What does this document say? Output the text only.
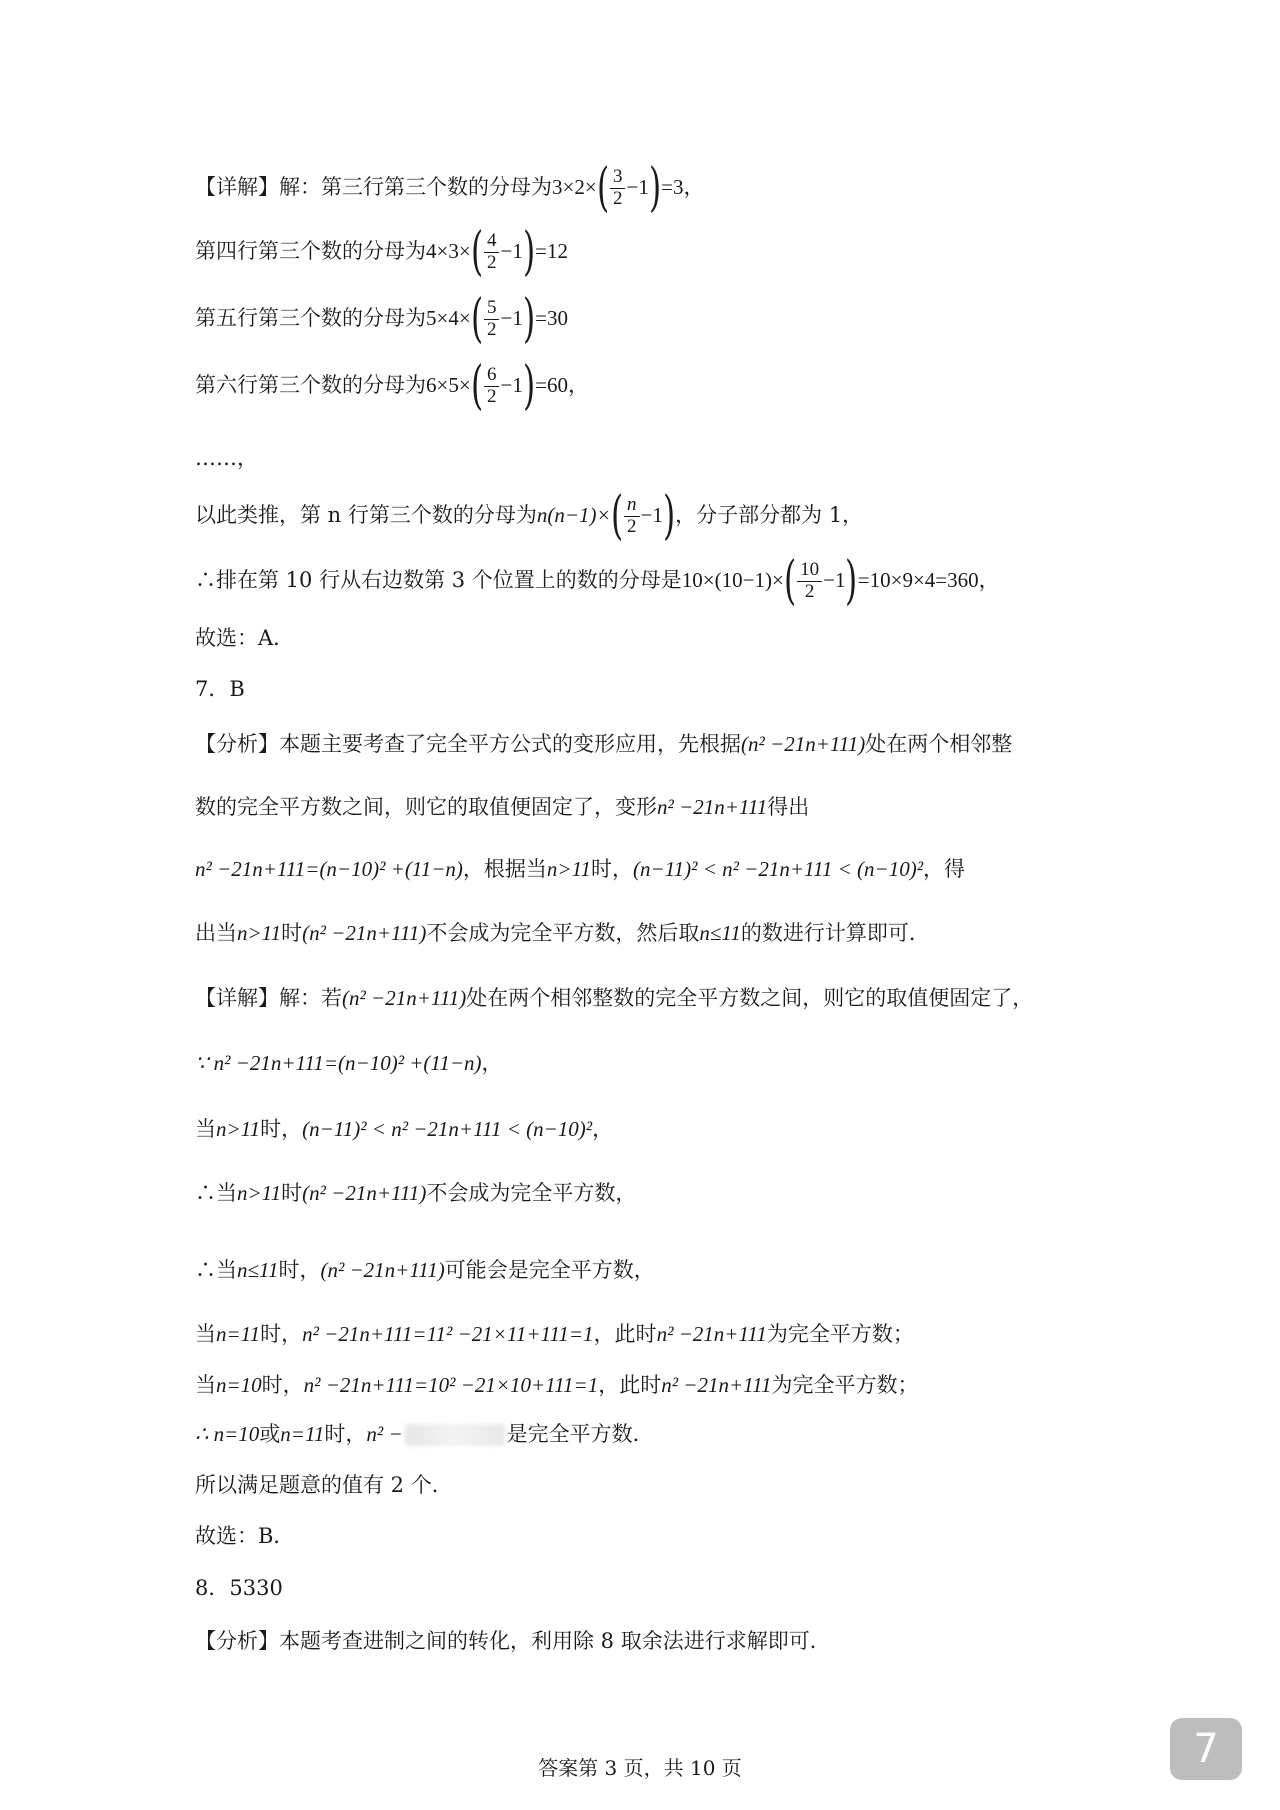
【详解】解：第三行第三个数的分母为 3×2× ( $\frac{3}{2} -1$ ) =3 ，
第四行第三个数的分母为 4×3× ( $\frac{4}{2} -1$ ) =12
第五行第三个数的分母为 5×4× ( $\frac{5}{2} -1$ ) =30
第六行第三个数的分母为 6×5× ( $\frac{6}{2} -1$ ) =60 ，
……，
以此类推，第 n 行第三个数的分母为 n(n−1)× ( $\frac{n}{2} -1$ ) ，分子部分都为 1，
∴排在第 10 行从右边数第 3 个位置上的数的分母是 10×(10−1)× ( $\frac{10}{2} -1$ ) =10×9×4=360 ，
故选：A．
7．B
【分析】本题主要考查了完全平方公式的变形应用，先根据 (n² −21n+111) 处在两个相邻整
数的完全平方数之间，则它的取值便固定了，变形 n² −21n+111 得出
n² −21n+111=(n−10)² +(11−n) ，根据当 n>11 时， (n−11)² < n² −21n+111 < (n−10)² ，得
出当 n>11 时 (n² −21n+111) 不会成为完全平方数，然后取 n≤11 的数进行计算即可．
【详解】解：若 (n² −21n+111) 处在两个相邻整数的完全平方数之间，则它的取值便固定了，
∵ n² −21n+111=(n−10)² +(11−n) ，
当 n>11 时， (n−11)² < n² −21n+111 < (n−10)² ，
∴当 n>11 时 (n² −21n+111) 不会成为完全平方数，
∴当 n≤11 时， (n² −21n+111) 可能会是完全平方数，
当 n=11 时， n² −21n+111=11² −21×11+111=1 ，此时 n² −21n+111 为完全平方数；
当 n=10 时， n² −21n+111=10² −21×10+111=1 ，此时 n² −21n+111 为完全平方数；
∴ n=10 或 n=11 时， n² −	是完全平方数．
所以满足题意的值有 2 个．
故选：B．
8．5330
【分析】本题考查进制之间的转化，利用除 8 取余法进行求解即可．
答案第 3 页，共 10 页	7
